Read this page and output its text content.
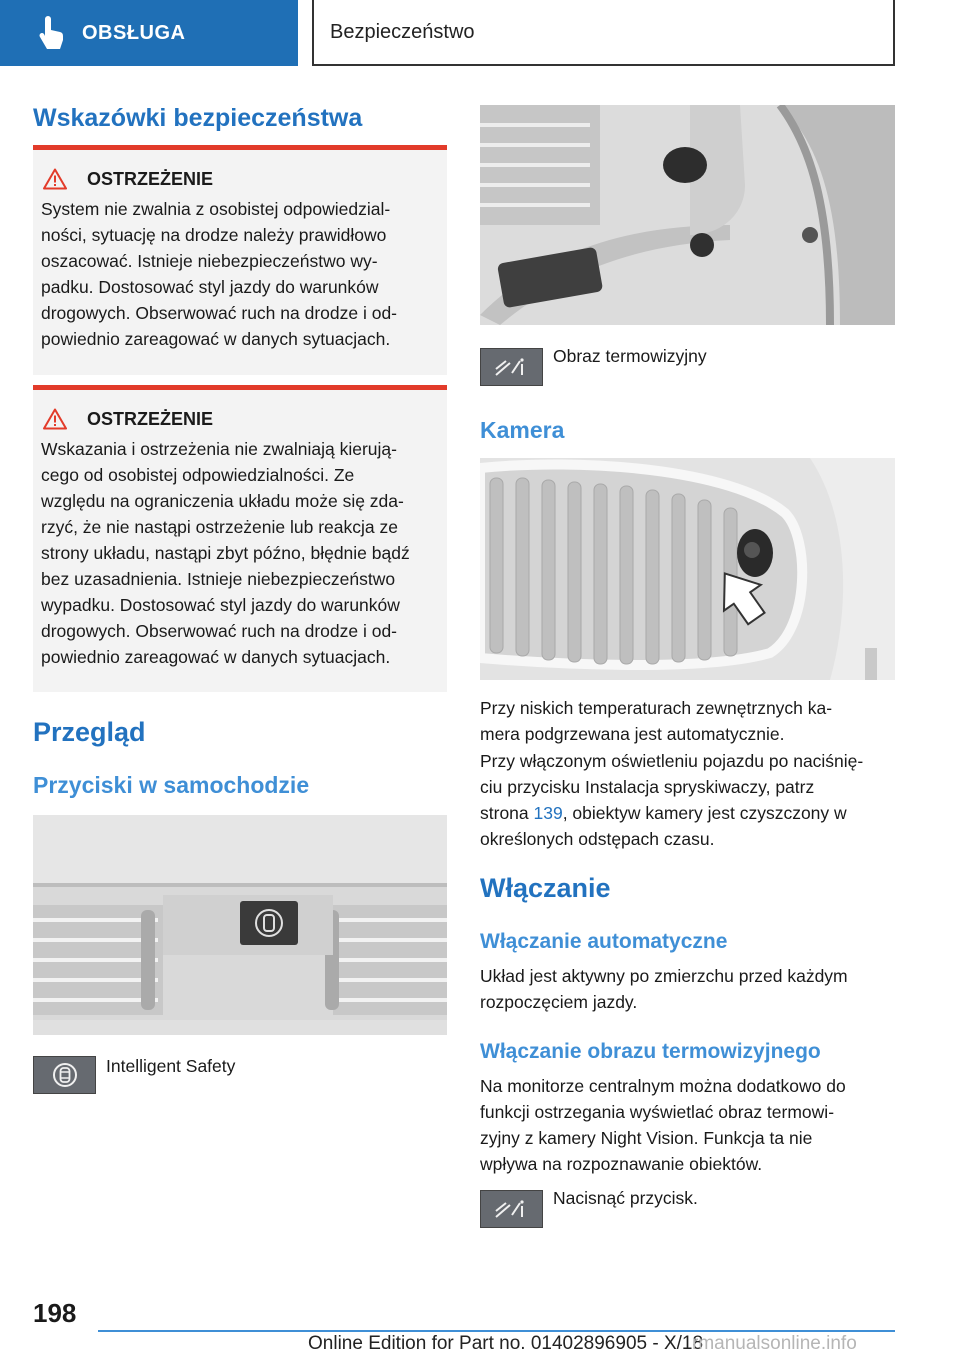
OBSŁUGA	Bezpieczeństwo
Wskazówki bezpieczeństwa
OSTRZEŻENIE
System nie zwalnia z osobistej odpowiedzial-
ności, sytuację na drodze należy prawidłowo
oszacować. Istnieje niebezpieczeństwo wy-
padku. Dostosować styl jazdy do warunków
drogowych. Obserwować ruch na drodze i od-
powiednio zareagować w danych sytuacjach.
OSTRZEŻENIE
Wskazania i ostrzeżenia nie zwalniają kierują-
cego od osobistej odpowiedzialności. Ze
względu na ograniczenia układu może się zda-
rzyć, że nie nastąpi ostrzeżenie lub reakcja ze
strony układu, nastąpi zbyt późno, błędnie bądź
bez uzasadnienia. Istnieje niebezpieczeństwo
wypadku. Dostosować styl jazdy do warunków
drogowych. Obserwować ruch na drodze i od-
powiednio zareagować w danych sytuacjach.
Przegląd
Przyciski w samochodzie
Intelligent Safety
Obraz termowizyjny
Kamera
Przy niskich temperaturach zewnętrznych ka-
mera podgrzewana jest automatycznie.
Przy włączonym oświetleniu pojazdu po naciśnię-
ciu przycisku Instalacja spryskiwaczy, patrz
strona 139, obiektyw kamery jest czyszczony w
określonych odstępach czasu.
Włączanie
Włączanie automatyczne
Układ jest aktywny po zmierzchu przed każdym
rozpoczęciem jazdy.
Włączanie obrazu termowizyjnego
Na monitorze centralnym można dodatkowo do
funkcji ostrzegania wyświetlać obraz termowi-
zyjny z kamery Night Vision. Funkcja ta nie
wpływa na rozpoznawanie obiektów.
Nacisnąć przycisk.
198
Online Edition for Part no. 01402896905 - X/18
rmanualsonline.info
